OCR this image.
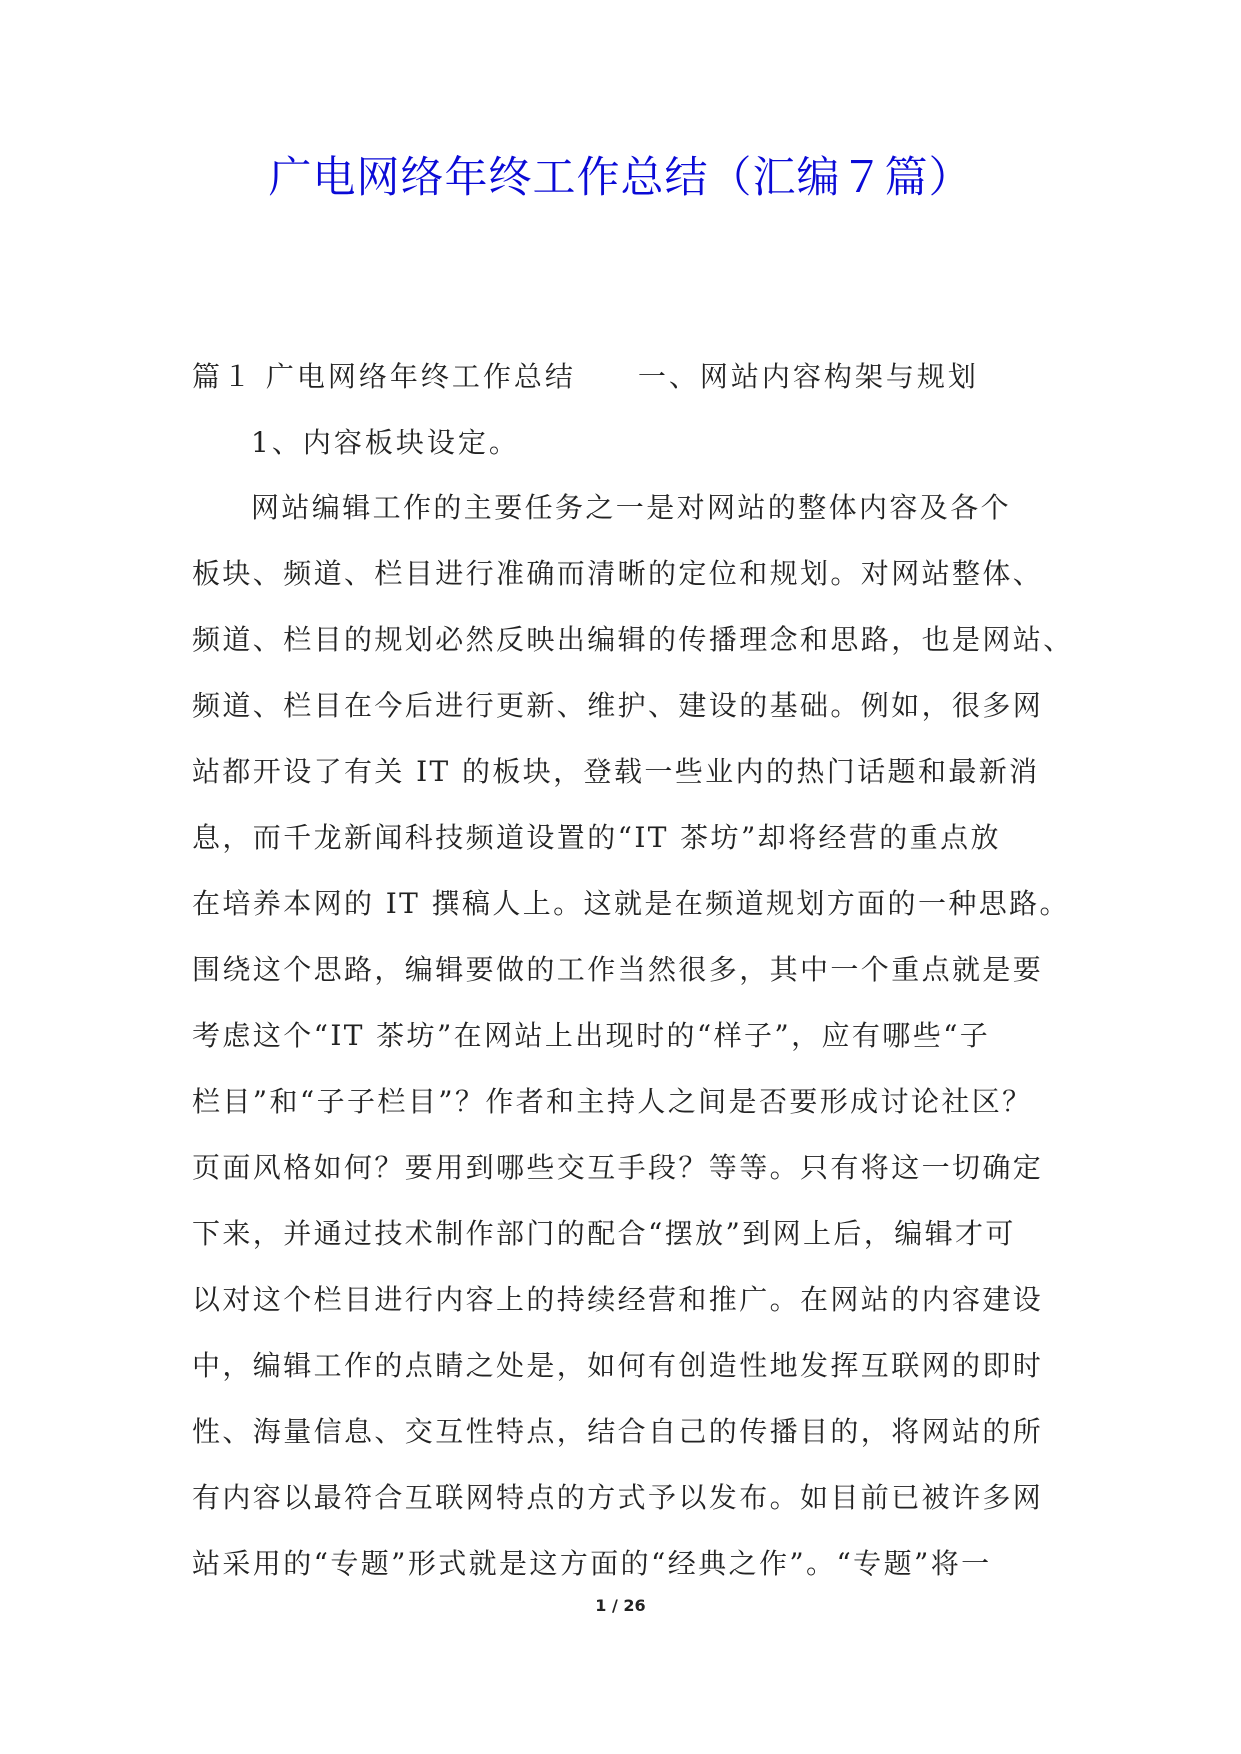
广电网络年终工作总结（汇编７篇）
篇１ 广电网络年终工作总结 一、网站内容构架与规划
1、内容板块设定。
网站编辑工作的主要任务之一是对网站的整体内容及各个
板块、频道、栏目进行准确而清晰的定位和规划。对网站整体、
频道、栏目的规划必然反映出编辑的传播理念和思路，也是网站、
频道、栏目在今后进行更新、维护、建设的基础。例如，很多网
站都开设了有关 IT 的板块，登载一些业内的热门话题和最新消
息，而千龙新闻科技频道设置的“IT 茶坊”却将经营的重点放
在培养本网的 IT 撰稿人上。这就是在频道规划方面的一种思路。
围绕这个思路，编辑要做的工作当然很多，其中一个重点就是要
考虑这个“IT 茶坊”在网站上出现时的“样子”，应有哪些“子
栏目”和“子子栏目”？作者和主持人之间是否要形成讨论社区？
页面风格如何？要用到哪些交互手段？等等。只有将这一切确定
下来，并通过技术制作部门的配合“摆放”到网上后，编辑才可
以对这个栏目进行内容上的持续经营和推广。在网站的内容建设
中，编辑工作的点睛之处是，如何有创造性地发挥互联网的即时
性、海量信息、交互性特点，结合自己的传播目的，将网站的所
有内容以最符合互联网特点的方式予以发布。如目前已被许多网
站采用的“专题”形式就是这方面的“经典之作”。“专题”将一
1 / 26
